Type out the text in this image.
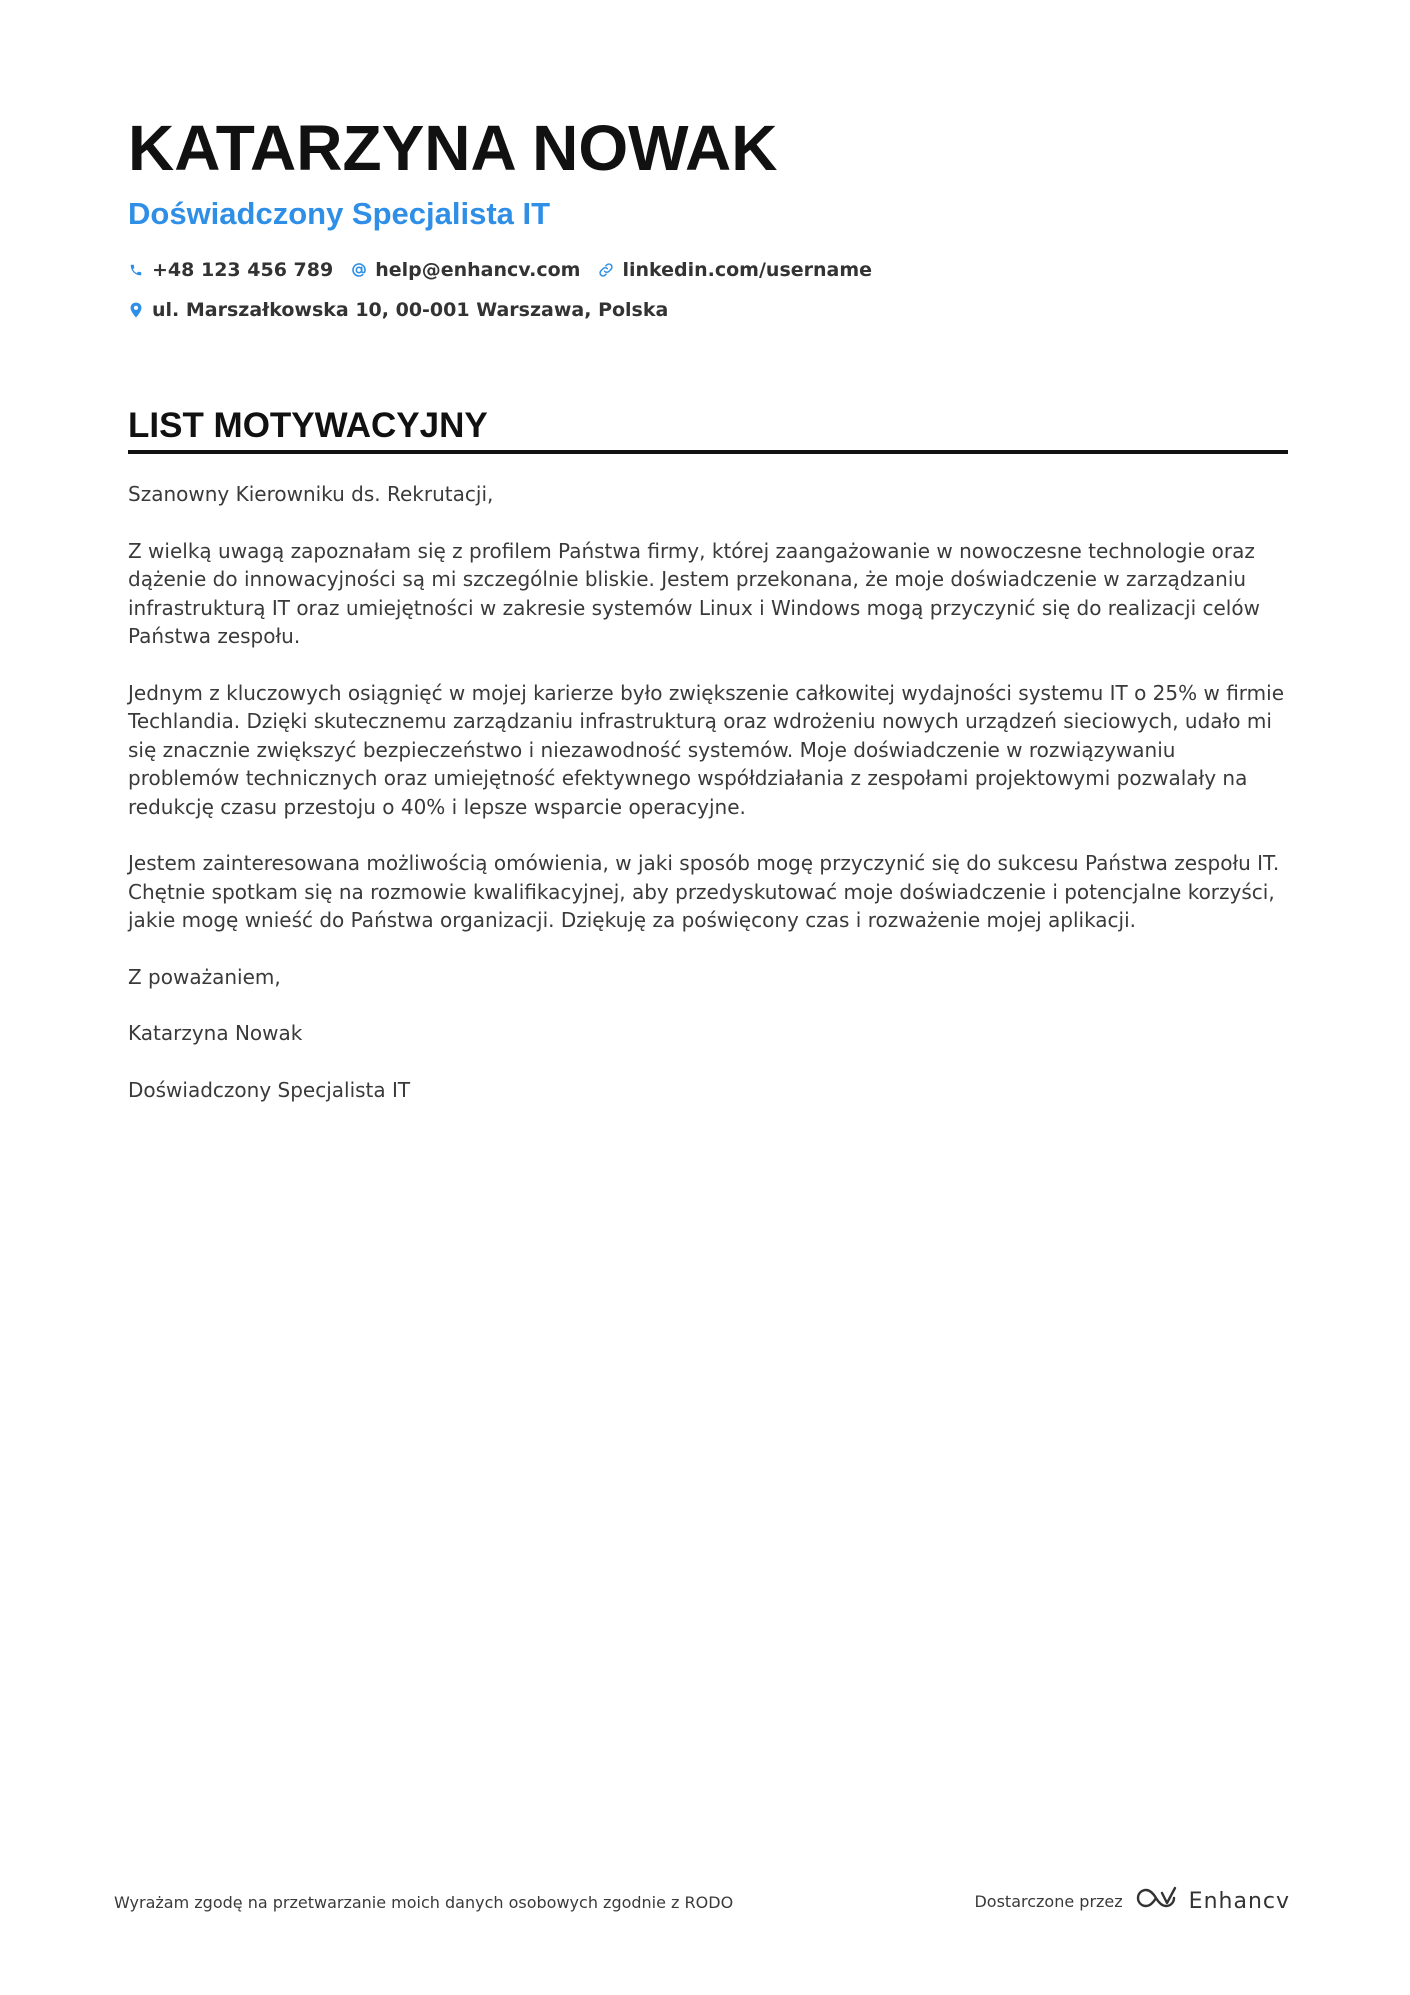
KATARZYNA NOWAK
Doświadczony Specjalista IT
+48 123 456 789 help@enhancv.com linkedin.com/username
ul. Marszałkowska 10, 00-001 Warszawa, Polska
LIST MOTYWACYJNY

Szanowny Kierowniku ds. Rekrutacji,

Z wielką uwagą zapoznałam się z profilem Państwa firmy, której zaangażowanie w nowoczesne technologie oraz dążenie do innowacyjności są mi szczególnie bliskie. Jestem przekonana, że moje doświadczenie w zarządzaniu infrastrukturą IT oraz umiejętności w zakresie systemów Linux i Windows mogą przyczynić się do realizacji celów Państwa zespołu.

Jednym z kluczowych osiągnięć w mojej karierze było zwiększenie całkowitej wydajności systemu IT o 25% w firmie Techlandia. Dzięki skutecznemu zarządzaniu infrastrukturą oraz wdrożeniu nowych urządzeń sieciowych, udało mi się znacznie zwiększyć bezpieczeństwo i niezawodność systemów. Moje doświadczenie w rozwiązywaniu problemów technicznych oraz umiejętność efektywnego współdziałania z zespołami projektowymi pozwalały na redukcję czasu przestoju o 40% i lepsze wsparcie operacyjne.

Jestem zainteresowana możliwością omówienia, w jaki sposób mogę przyczynić się do sukcesu Państwa zespołu IT. Chętnie spotkam się na rozmowie kwalifikacyjnej, aby przedyskutować moje doświadczenie i potencjalne korzyści, jakie mogę wnieść do Państwa organizacji. Dziękuję za poświęcony czas i rozważenie mojej aplikacji.

Z poważaniem,

Katarzyna Nowak

Doświadczony Specjalista IT

Wyrażam zgodę na przetwarzanie moich danych osobowych zgodnie z RODO	Dostarczone przez	Enhancv
